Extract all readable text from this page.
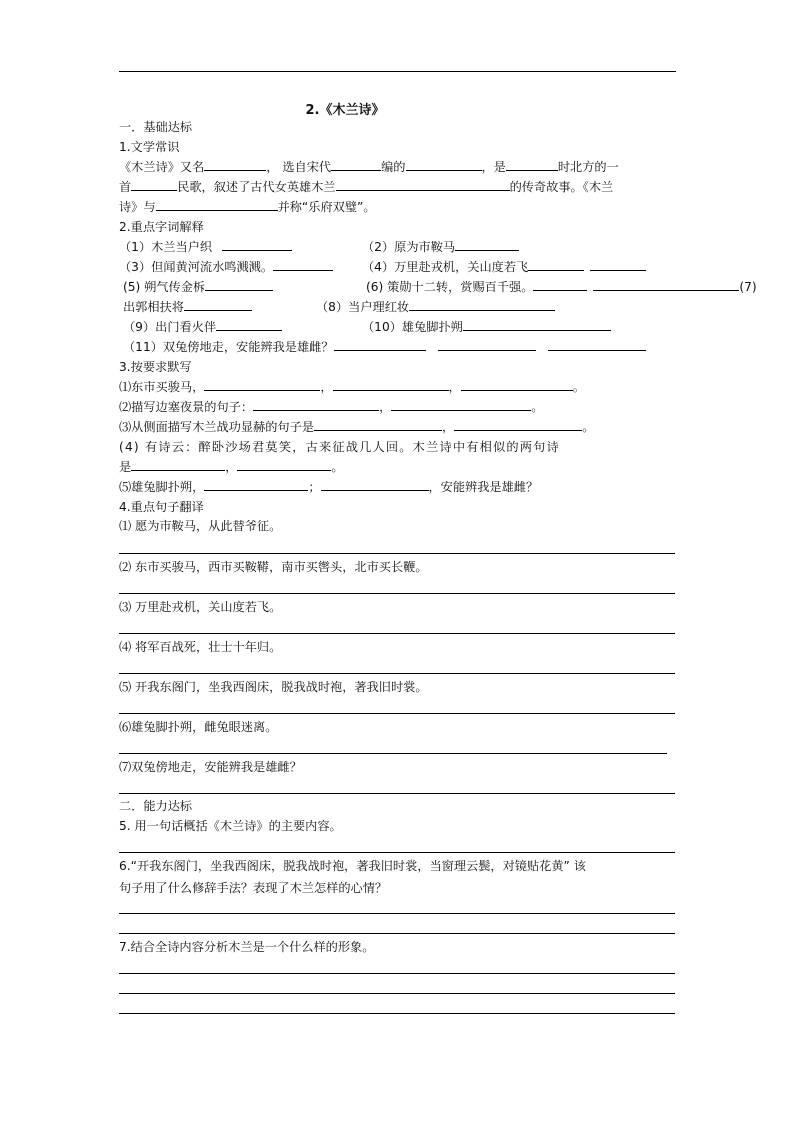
2.《木兰诗》
一．基础达标
1.文学常识
《木兰诗》又名	， 选自宋代	编的	，是	时北方的一
首	民歌，叙述了古代女英雄木兰	的传奇故事。《木兰
诗》与	并称“乐府双璧”。
2.重点字词解释
（1）木兰当户织	（2）原为市鞍马
（3）但闻黄河流水鸣溅溅。	（4）万里赴戎机，关山度若飞
(5) 朔气传金柝	(6) 策勋十二转，赏赐百千强。	(7)
出郭相扶将	（8）当户理红妆
（9）出门看火伴	（10）雄兔脚扑朔
（11）双兔傍地走，安能辨我是雄雌？
3.按要求默写
⑴东市买骏马，	，	，	。
⑵描写边塞夜景的句子：	，	。
⑶从侧面描写木兰战功显赫的句子是	，	。
(4) 有诗云：醉卧沙场君莫笑，古来征战几人回。木兰诗中有相似的两句诗
是	，	。
⑸雄兔脚扑朔，	；	，安能辨我是雄雌？
4.重点句子翻译
⑴ 愿为市鞍马，从此替爷征。
⑵ 东市买骏马，西市买鞍鞯，南市买辔头，北市买长鞭。
⑶ 万里赴戎机，关山度若飞。
⑷ 将军百战死，壮士十年归。
⑸ 开我东阁门，坐我西阁床，脱我战时袍，著我旧时裳。
⑹雄兔脚扑朔，雌兔眼迷离。
⑺双兔傍地走，安能辨我是雄雌？
二．能力达标
5. 用一句话概括《木兰诗》的主要内容。
6.“开我东阁门，坐我西阁床，脱我战时袍，著我旧时裳，当窗理云鬓，对镜贴花黄” 该
句子用了什么修辞手法？表现了木兰怎样的心情？
7.结合全诗内容分析木兰是一个什么样的形象。
